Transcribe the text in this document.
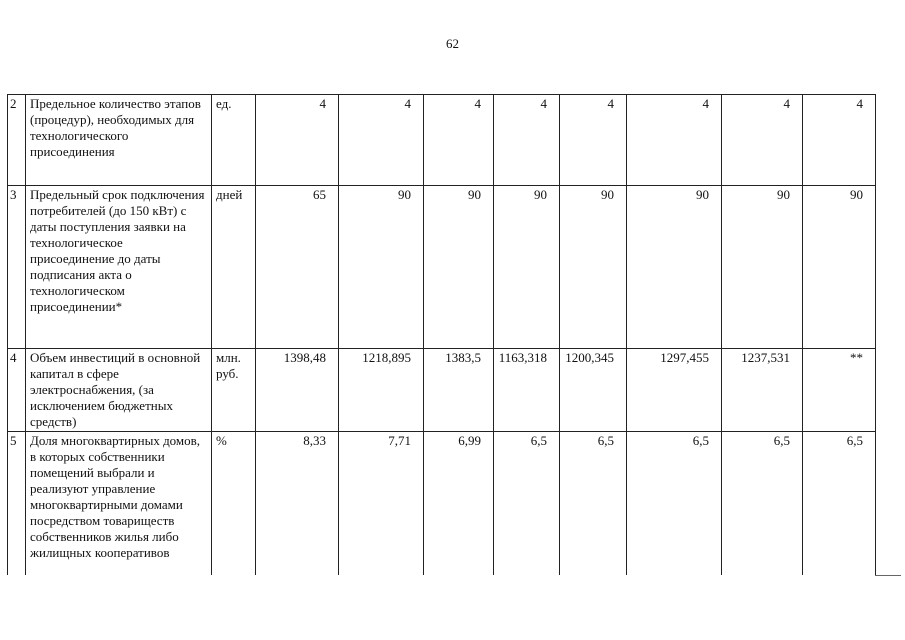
62
2	Предельное количество этапов (процедур), необходимых для технологического присоединения	ед.	4	4	4	4	4	4	4	4
3	Предельный срок подключения потребителей (до 150 кВт) с даты поступления заявки на технологическое присоединение до даты подписания акта о технологическом присоединении*	дней	65	90	90	90	90	90	90	90
4	Объем инвестиций в основной капитал в сфере электроснабжения, (за исключением бюджетных средств)	млн. руб.	1398,48	1218,895	1383,5	1163,318	1200,345	1297,455	1237,531	**
5	Доля многоквартирных домов, в которых собственники помещений выбрали и реализуют управление многоквартирными домами посредством товариществ собственников жилья либо жилищных кооперативов	%	8,33	7,71	6,99	6,5	6,5	6,5	6,5	6,5
